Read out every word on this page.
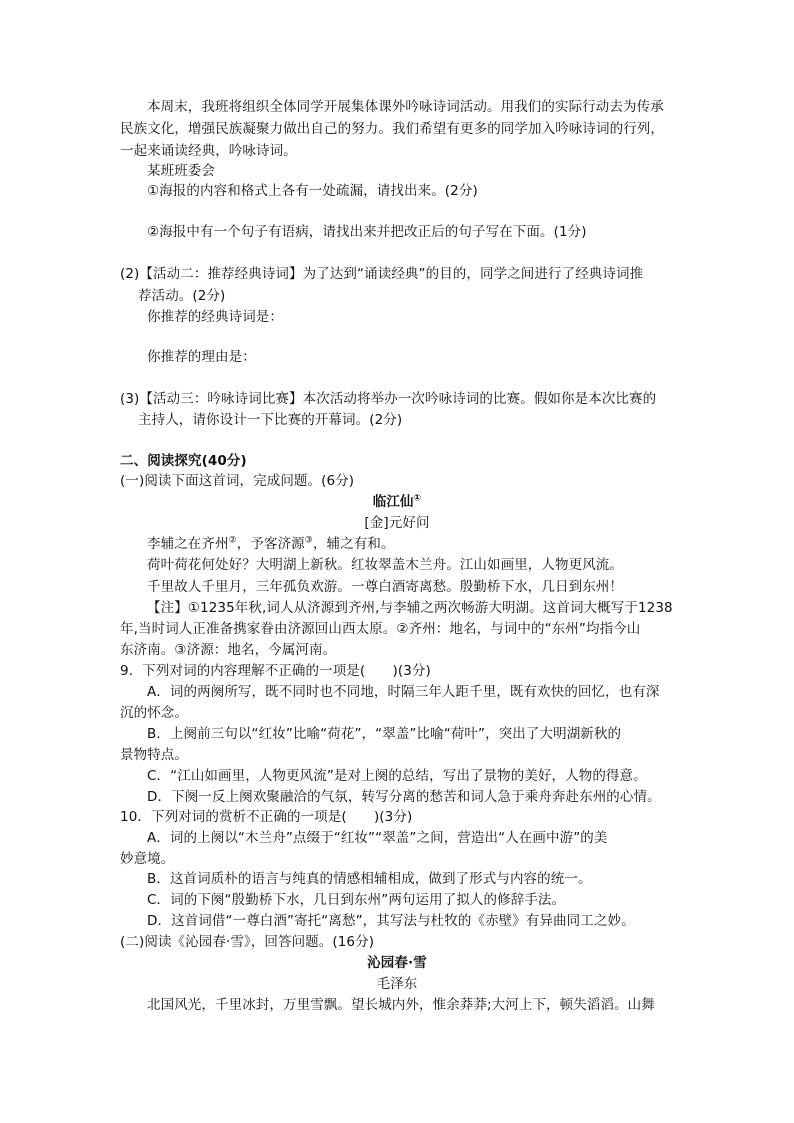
本周末，我班将组织全体同学开展集体课外吟咏诗词活动。用我们的实际行动去为传承
民族文化，增强民族凝聚力做出自己的努力。我们希望有更多的同学加入吟咏诗词的行列，
一起来诵读经典，吟咏诗词。
某班班委会
①海报的内容和格式上各有一处疏漏，请找出来。(2分)
②海报中有一个句子有语病，请找出来并把改正后的句子写在下面。(1分)
(2)【活动二：推荐经典诗词】为了达到“诵读经典”的目的，同学之间进行了经典诗词推
荐活动。(2分)
你推荐的经典诗词是：
你推荐的理由是：
(3)【活动三：吟咏诗词比赛】本次活动将举办一次吟咏诗词的比赛。假如你是本次比赛的
主持人，请你设计一下比赛的开幕词。(2分)
二、阅读探究(40分)
(一)阅读下面这首词，完成问题。(6分)
临江仙①
[金]元好问
李辅之在齐州②，予客济源③，辅之有和。
荷叶荷花何处好？大明湖上新秋。红妆翠盖木兰舟。江山如画里，人物更风流。
千里故人千里月，三年孤负欢游。一尊白酒寄离愁。殷勤桥下水，几日到东州！
【注】①1235年秋,词人从济源到齐州,与李辅之两次畅游大明湖。这首词大概写于1238
年,当时词人正准备携家眷由济源回山西太原。②齐州：地名，与词中的“东州”均指今山
东济南。③济源：地名，今属河南。
9．下列对词的内容理解不正确的一项是(　　)(3分)
A．词的两阕所写，既不同时也不同地，时隔三年人距千里，既有欢快的回忆，也有深
沉的怀念。
B．上阕前三句以“红妆”比喻“荷花”，“翠盖”比喻“荷叶”，突出了大明湖新秋的
景物特点。
C．“江山如画里，人物更风流”是对上阕的总结，写出了景物的美好，人物的得意。
D．下阕一反上阕欢聚融洽的气氛，转写分离的愁苦和词人急于乘舟奔赴东州的心情。
10．下列对词的赏析不正确的一项是(　　)(3分)
A．词的上阕以“木兰舟”点缀于“红妆”“翠盖”之间，营造出“人在画中游”的美
妙意境。
B．这首词质朴的语言与纯真的情感相辅相成，做到了形式与内容的统一。
C．词的下阕“殷勤桥下水，几日到东州”两句运用了拟人的修辞手法。
D．这首词借“一尊白酒”寄托“离愁”，其写法与杜牧的《赤壁》有异曲同工之妙。
(二)阅读《沁园春·雪》，回答问题。(16分)
沁园春·雪
毛泽东
北国风光，千里冰封，万里雪飘。望长城内外，惟余莽莽;大河上下，顿失滔滔。山舞
